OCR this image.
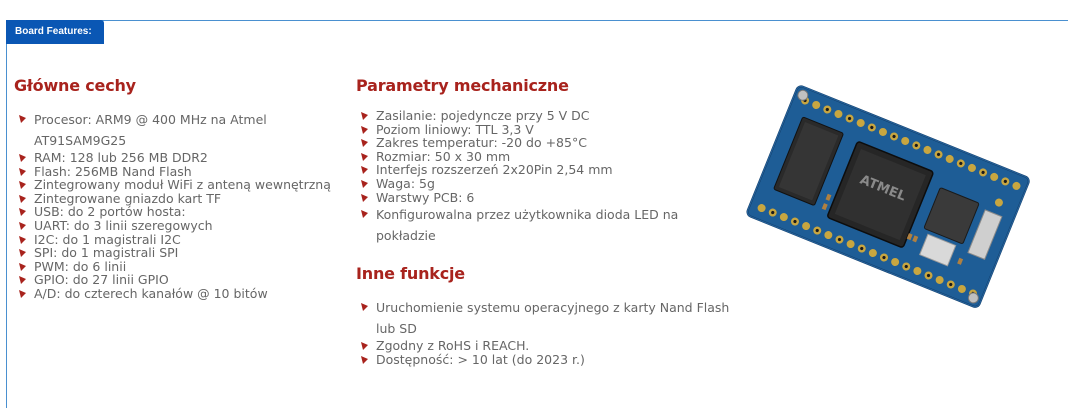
Board Features:
Główne cechy
Procesor: ARM9 @ 400 MHz na Atmel AT91SAM9G25
RAM: 128 lub 256 MB DDR2
Flash: 256MB Nand Flash
Zintegrowany moduł WiFi z anteną wewnętrzną
Zintegrowane gniazdo kart TF
USB: do 2 portów hosta:
UART: do 3 linii szeregowych
I2C: do 1 magistrali I2C
SPI: do 1 magistrali SPI
PWM: do 6 linii
GPIO: do 27 linii GPIO
A/D: do czterech kanałów @ 10 bitów
Parametry mechaniczne
Zasilanie: pojedyncze przy 5 V DC
Poziom liniowy: TTL 3,3 V
Zakres temperatur: -20 do +85°C
Rozmiar: 50 x 30 mm
Interfejs rozszerzeń 2x20Pin 2,54 mm
Waga: 5g
Warstwy PCB: 6
Konfigurowalna przez użytkownika dioda LED na pokładzie
Inne funkcje
Uruchomienie systemu operacyjnego z karty Nand Flash lub SD
Zgodny z RoHS i REACH.
Dostępność: > 10 lat (do 2023 r.)
ATMEL
